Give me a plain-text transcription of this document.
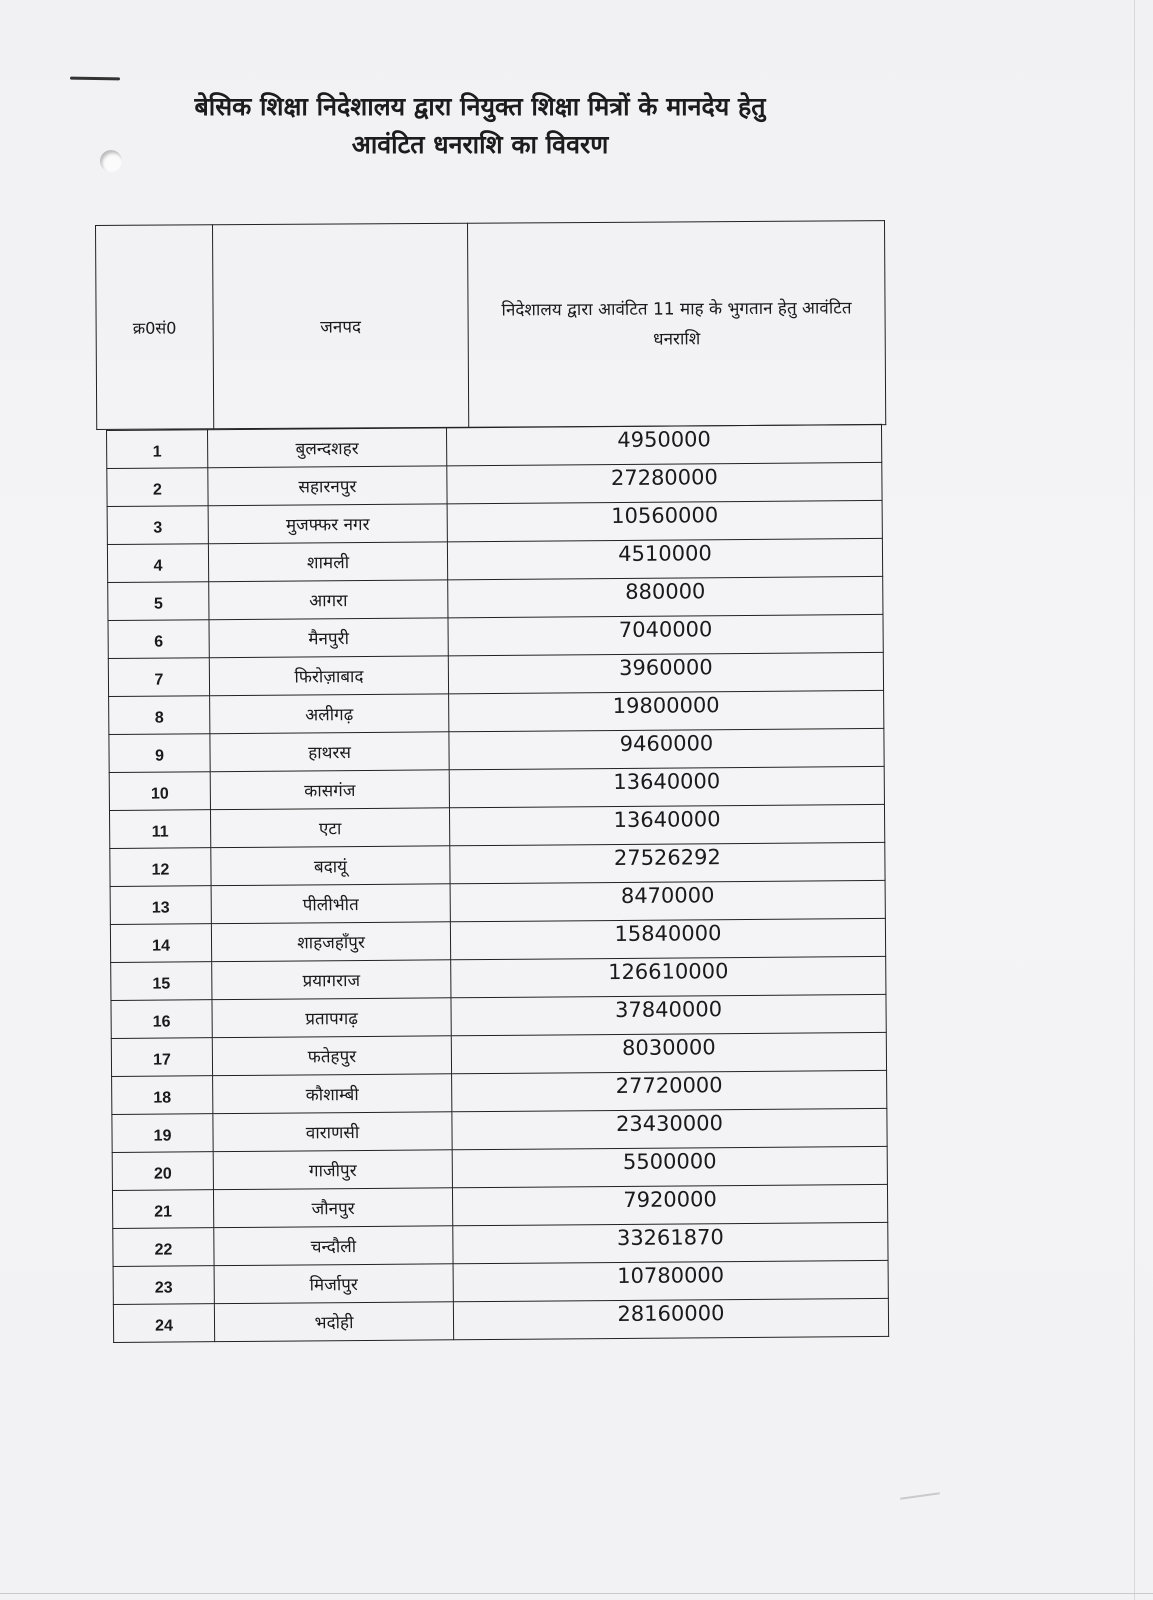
बेसिक शिक्षा निदेशालय द्वारा नियुक्त शिक्षा मित्रों के मानदेय हेतु
आवंटित धनराशि का विवरण
क्र0सं0	जनपद	निदेशालय द्वारा आवंटित 11 माह के भुगतान हेतु आवंटित धनराशि
1	बुलन्दशहर	4950000
2	सहारनपुर	27280000
3	मुजफ्फर नगर	10560000
4	शामली	4510000
5	आगरा	880000
6	मैनपुरी	7040000
7	फिरोज़ाबाद	3960000
8	अलीगढ़	19800000
9	हाथरस	9460000
10	कासगंज	13640000
11	एटा	13640000
12	बदायूं	27526292
13	पीलीभीत	8470000
14	शाहजहाँपुर	15840000
15	प्रयागराज	126610000
16	प्रतापगढ़	37840000
17	फतेहपुर	8030000
18	कौशाम्बी	27720000
19	वाराणसी	23430000
20	गाजीपुर	5500000
21	जौनपुर	7920000
22	चन्दौली	33261870
23	मिर्जापुर	10780000
24	भदोही	28160000
